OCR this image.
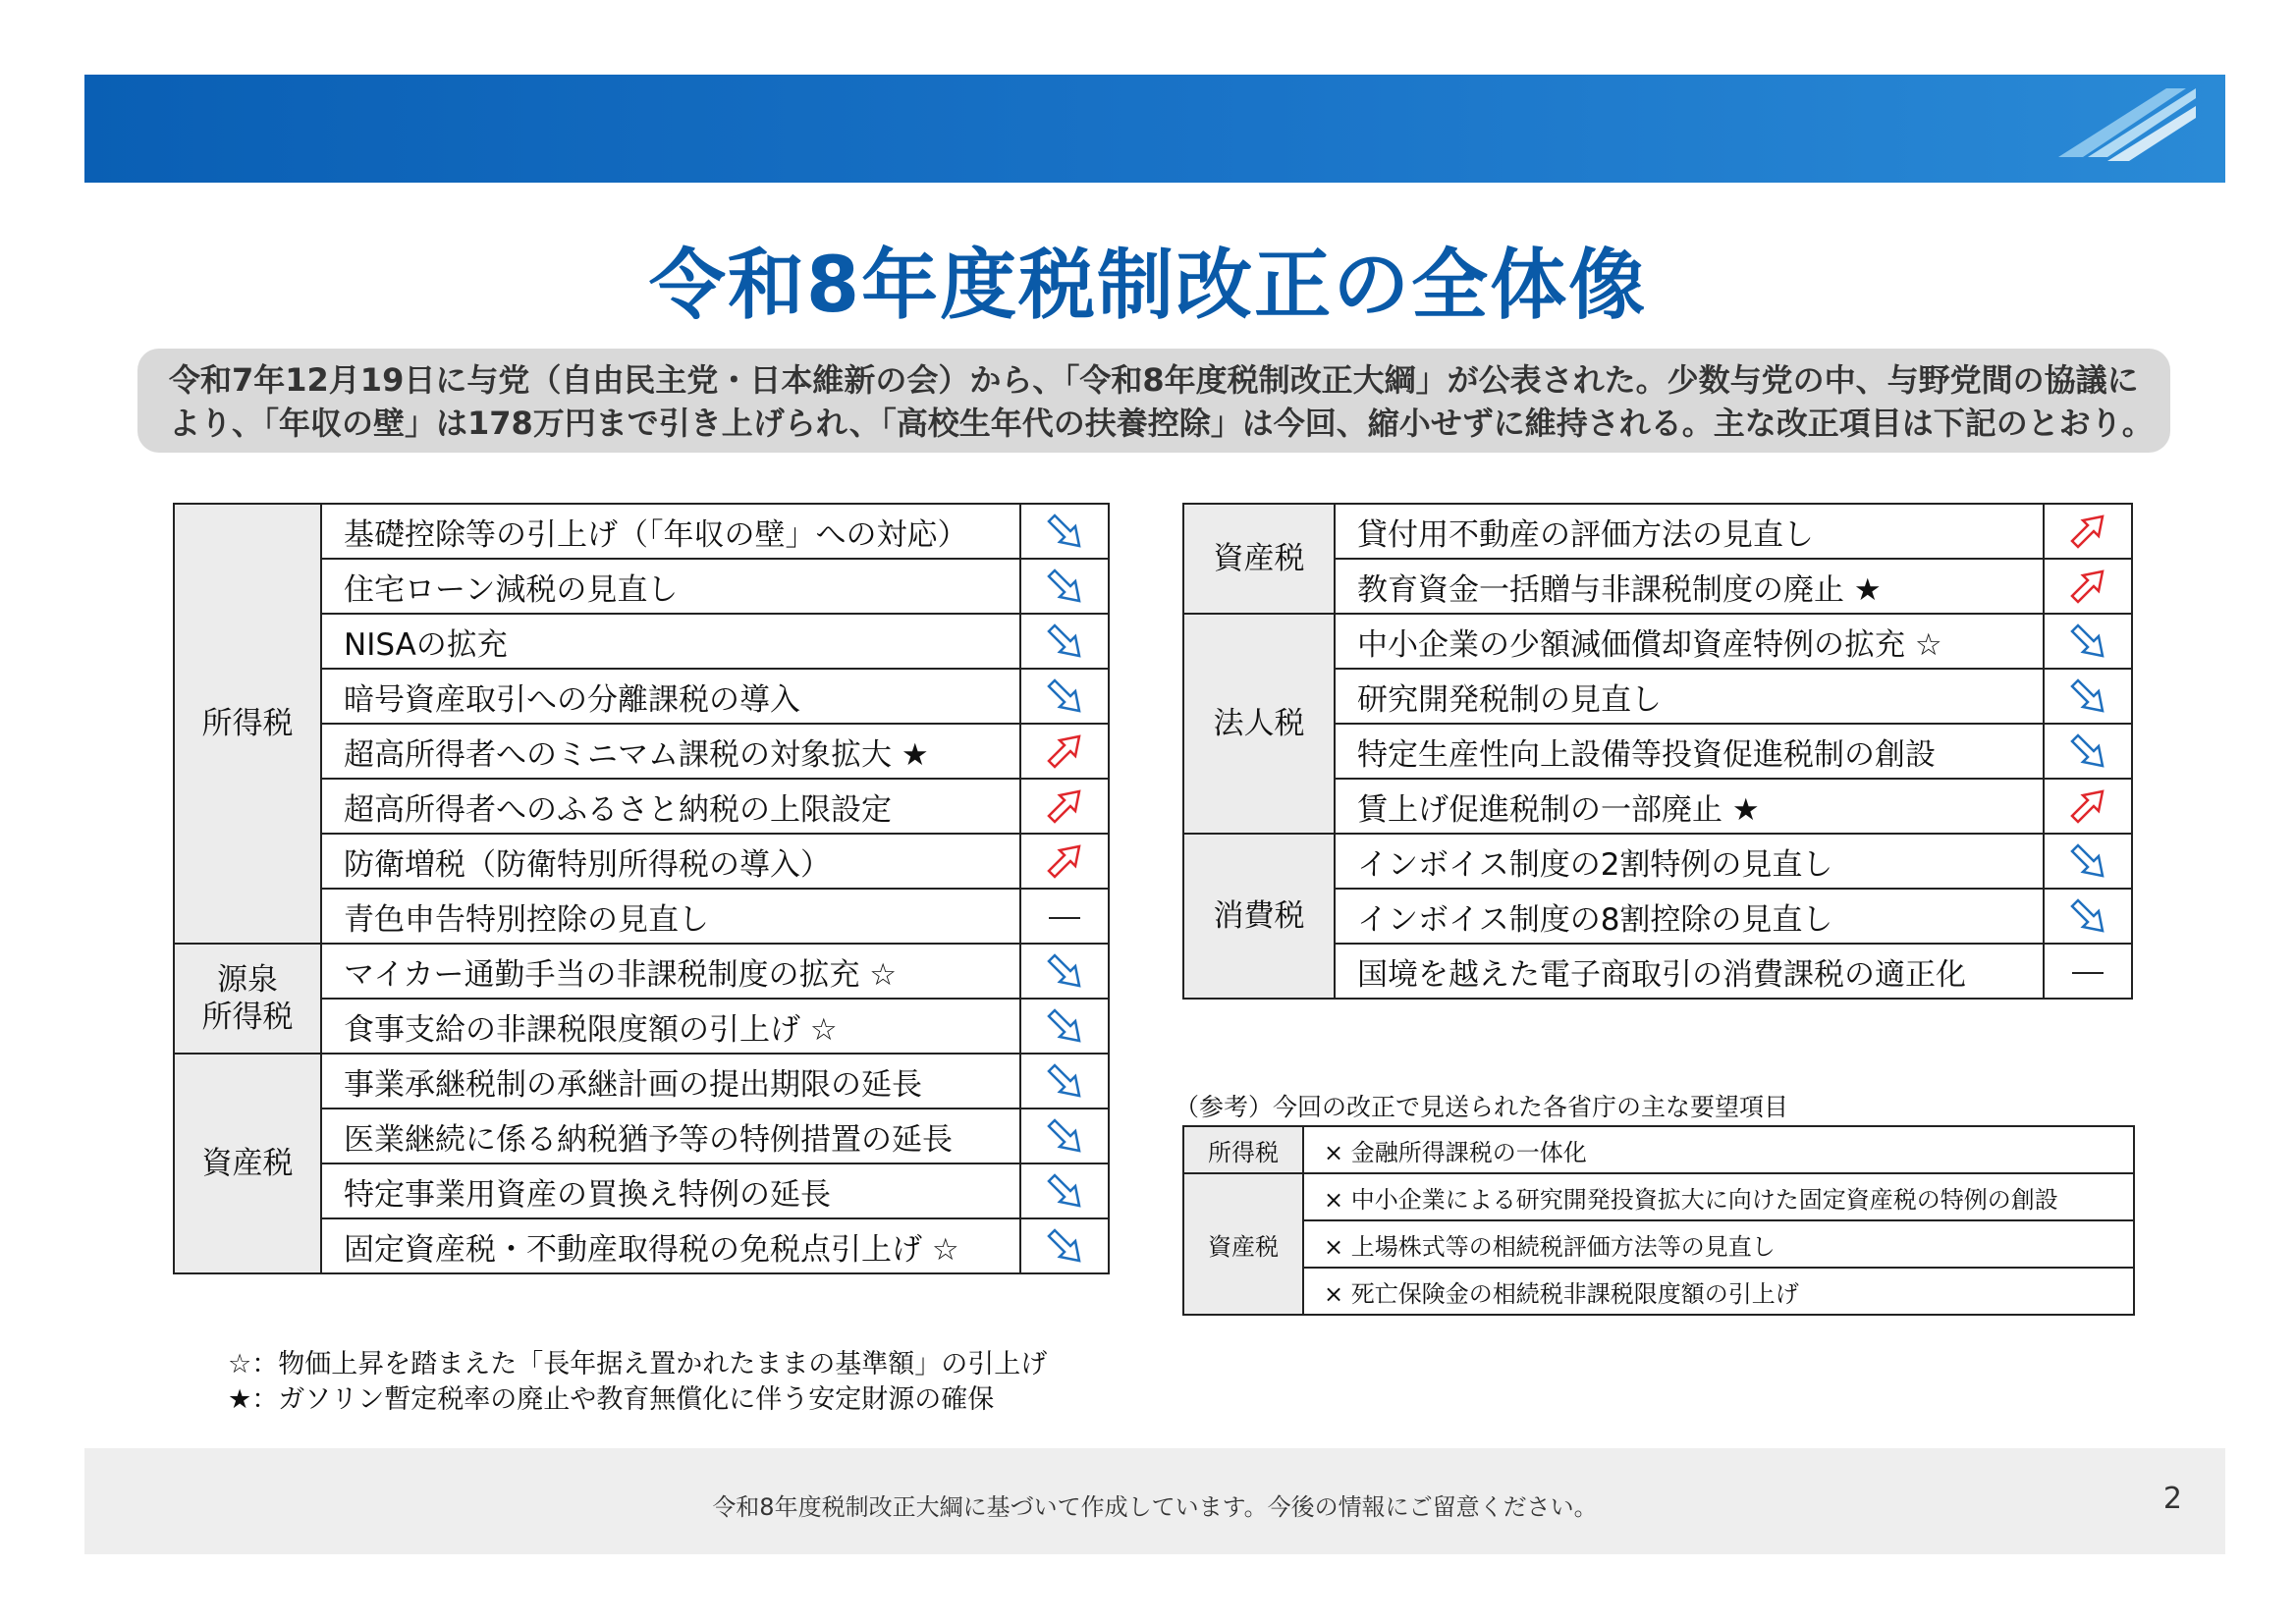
令和8年度税制改正の全体像
令和7年12月19日に与党（自由民主党・日本維新の会）から、「令和8年度税制改正大綱」が公表された。少数与党の中、与野党間の協議に
より、「年収の壁」は178万円まで引き上げられ、「高校生年代の扶養控除」は今回、縮小せずに維持される。主な改正項目は下記のとおり。
所得税	基礎控除等の引上げ（「年収の壁」への対応）	

	住宅ローン減税の見直し	

	NISAの拡充	

	暗号資産取引への分離課税の導入	

	超高所得者へのミニマム課税の対象拡大 ★	

	超高所得者へのふるさと納税の上限設定	

	防衛増税（防衛特別所得税の導入）	

	青色申告特別控除の見直し	
源泉
所得税	マイカー通勤手当の非課税制度の拡充 ☆	

	食事支給の非課税限度額の引上げ ☆	

資産税	事業承継税制の承継計画の提出期限の延長	

	医業継続に係る納税猶予等の特例措置の延長	

	特定事業用資産の買換え特例の延長	

	固定資産税・不動産取得税の免税点引上げ ☆	
資産税	貸付用不動産の評価方法の見直し	

	教育資金一括贈与非課税制度の廃止 ★	

法人税	中小企業の少額減価償却資産特例の拡充 ☆	

	研究開発税制の見直し	

	特定生産性向上設備等投資促進税制の創設	

	賃上げ促進税制の一部廃止 ★	

消費税	インボイス制度の2割特例の見直し	

	インボイス制度の8割控除の見直し	

	国境を越えた電子商取引の消費課税の適正化	
（参考）今回の改正で見送られた各省庁の主な要望項目
所得税	× 金融所得課税の一体化
資産税	× 中小企業による研究開発投資拡大に向けた固定資産税の特例の創設
	× 上場株式等の相続税評価方法等の見直し
	× 死亡保険金の相続税非課税限度額の引上げ
☆：物価上昇を踏まえた「長年据え置かれたままの基準額」の引上げ
★：ガソリン暫定税率の廃止や教育無償化に伴う安定財源の確保
令和8年度税制改正大綱に基づいて作成しています。今後の情報にご留意ください。	2
